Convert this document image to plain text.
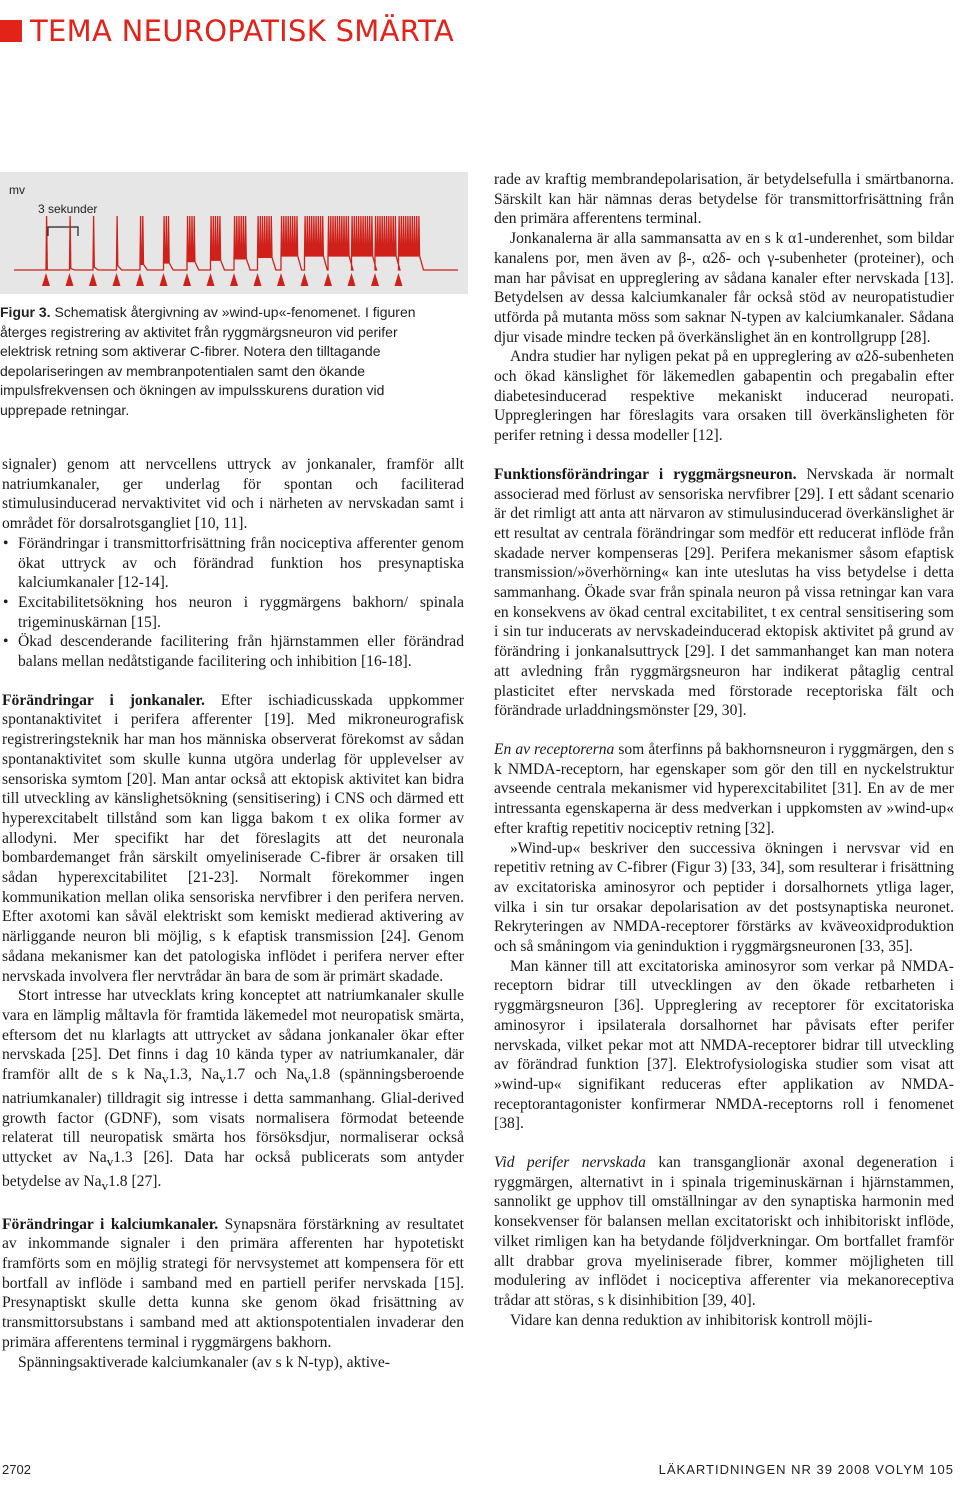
TEMA NEUROPATISK SMÄRTA
mv
3 sekunder
Figur 3. Schematisk återgivning av »wind-up«-fenomenet. I figuren återges registrering av aktivitet från ryggmärgsneuron vid perifer elektrisk retning som aktiverar C-fibrer. Notera den tilltagande depolariseringen av membranpotentialen samt den ökande impulsfrekvensen och ökningen av impulsskurens duration vid upprepade retningar.

signaler) genom att nervcellens uttryck av jonkanaler, framför allt natriumkanaler, ger underlag för spontan och faciliterad stimulusinducerad nervaktivitet vid och i närheten av nervskadan samt i området för dorsalrotsgangliet [10, 11].

• Förändringar i transmittorfrisättning från nociceptiva afferenter genom ökat uttryck av och förändrad funktion hos presynaptiska kalciumkanaler [12-14].
• Excitabilitetsökning hos neuron i ryggmärgens bakhorn/ spinala trigeminuskärnan [15].
• Ökad descenderande facilitering från hjärnstammen eller förändrad balans mellan nedåtstigande facilitering och inhibition [16-18].

Förändringar i jonkanaler. Efter ischiadicusskada uppkommer spontanaktivitet i perifera afferenter [19]. Med mikroneurografisk registreringsteknik har man hos människa observerat förekomst av sådan spontanaktivitet som skulle kunna utgöra underlag för upplevelser av sensoriska symtom [20]. Man antar också att ektopisk aktivitet kan bidra till utveckling av känslighetsökning (sensitisering) i CNS och därmed ett hyperexcitabelt tillstånd som kan ligga bakom t ex olika former av allodyni. Mer specifikt har det föreslagits att det neuronala bombardemanget från särskilt omyeliniserade C-fibrer är orsaken till sådan hyperexcitabilitet [21-23]. Normalt förekommer ingen kommunikation mellan olika sensoriska nervfibrer i den perifera nerven. Efter axotomi kan såväl elektriskt som kemiskt medierad aktivering av närliggande neuron bli möjlig, s k efaptisk transmission [24]. Genom sådana mekanismer kan det patologiska inflödet i perifera nerver efter nervskada involvera fler nervtrådar än bara de som är primärt skadade.

Stort intresse har utvecklats kring konceptet att natriumkanaler skulle vara en lämplig måltavla för framtida läkemedel mot neuropatisk smärta, eftersom det nu klarlagts att uttrycket av sådana jonkanaler ökar efter nervskada [25]. Det finns i dag 10 kända typer av natriumkanaler, där framför allt de s k $Na_v1.3$, $Na_v1.7$ och $Na_v1.8$ (spänningsberoende natriumkanaler) tilldragit sig intresse i detta sammanhang. Glial-derived growth factor (GDNF), som visats normalisera förmodat beteende relaterat till neuropatisk smärta hos försöksdjur, normaliserar också uttycket av $Na_v1.3$ [26]. Data har också publicerats som antyder betydelse av $Na_v1.8$ [27].

Förändringar i kalciumkanaler. Synapsnära förstärkning av resultatet av inkommande signaler i den primära afferenten har hypotetiskt framförts som en möjlig strategi för nervsystemet att kompensera för ett bortfall av inflöde i samband med en partiell perifer nervskada [15]. Presynaptiskt skulle detta kunna ske genom ökad frisättning av transmittorsubstans i samband med att aktionspotentialen invaderar den primära afferentens terminal i ryggmärgens bakhorn.

Spänningsaktiverade kalciumkanaler (av s k N-typ), aktive-

rade av kraftig membrandepolarisation, är betydelsefulla i smärtbanorna. Särskilt kan här nämnas deras betydelse för transmittorfrisättning från den primära afferentens terminal.

Jonkanalerna är alla sammansatta av en s k α1-underenhet, som bildar kanalens por, men även av β-, α2δ- och γ-subenheter (proteiner), och man har påvisat en uppreglering av sådana kanaler efter nervskada [13]. Betydelsen av dessa kalciumkanaler får också stöd av neuropatistudier utförda på mutanta möss som saknar N-typen av kalciumkanaler. Sådana djur visade mindre tecken på överkänslighet än en kontrollgrupp [28].

Andra studier har nyligen pekat på en uppreglering av α2δ-subenheten och ökad känslighet för läkemedlen gabapentin och pregabalin efter diabetesinducerad respektive mekaniskt inducerad neuropati. Uppregleringen har föreslagits vara orsaken till överkänsligheten för perifer retning i dessa modeller [12].

Funktionsförändringar i ryggmärgsneuron. Nervskada är normalt associerad med förlust av sensoriska nervfibrer [29]. I ett sådant scenario är det rimligt att anta att närvaron av stimulusinducerad överkänslighet är ett resultat av centrala förändringar som medför ett reducerat inflöde från skadade nerver kompenseras [29]. Perifera mekanismer såsom efaptisk transmission/»överhörning« kan inte uteslutas ha viss betydelse i detta sammanhang. Ökade svar från spinala neuron på vissa retningar kan vara en konsekvens av ökad central excitabilitet, t ex central sensitisering som i sin tur inducerats av nervskadeinducerad ektopisk aktivitet på grund av förändring i jonkanalsuttryck [29]. I det sammanhanget kan man notera att avledning från ryggmärgsneuron har indikerat påtaglig central plasticitet efter nervskada med förstorade receptoriska fält och förändrade urladdningsmönster [29, 30].

En av receptorerna som återfinns på bakhornsneuron i ryggmärgen, den s k NMDA-receptorn, har egenskaper som gör den till en nyckelstruktur avseende centrala mekanismer vid hyperexcitabilitet [31]. En av de mer intressanta egenskaperna är dess medverkan i uppkomsten av »wind-up« efter kraftig repetitiv nociceptiv retning [32].

»Wind-up« beskriver den successiva ökningen i nervsvar vid en repetitiv retning av C-fibrer (Figur 3) [33, 34], som resulterar i frisättning av excitatoriska aminosyror och peptider i dorsalhornets ytliga lager, vilka i sin tur orsakar depolarisation av det postsynaptiska neuronet. Rekryteringen av NMDA-receptorer förstärks av kväveoxidproduktion och så småningom via geninduktion i ryggmärgsneuronen [33, 35].

Man känner till att excitatoriska aminosyror som verkar på NMDA-receptorn bidrar till utvecklingen av den ökade retbarheten i ryggmärgsneuron [36]. Uppreglering av receptorer för excitatoriska aminosyror i ipsilaterala dorsalhornet har påvisats efter perifer nervskada, vilket pekar mot att NMDA-receptorer bidrar till utveckling av förändrad funktion [37]. Elektrofysiologiska studier som visat att »wind-up« signifikant reduceras efter applikation av NMDA-receptorantagonister konfirmerar NMDA-receptorns roll i fenomenet [38].

Vid perifer nervskada kan transganglionär axonal degeneration i ryggmärgen, alternativt in i spinala trigeminuskärnan i hjärnstammen, sannolikt ge upphov till omställningar av den synaptiska harmonin med konsekvenser för balansen mellan excitatoriskt och inhibitoriskt inflöde, vilket rimligen kan ha betydande följdverkningar. Om bortfallet framför allt drabbar grova myeliniserade fibrer, kommer möjligheten till modulering av inflödet i nociceptiva afferenter via mekanoreceptiva trådar att störas, s k disinhibition [39, 40].

Vidare kan denna reduktion av inhibitorisk kontroll möjli-

2702	LÄKARTIDNINGEN NR 39 2008 VOLYM 105
